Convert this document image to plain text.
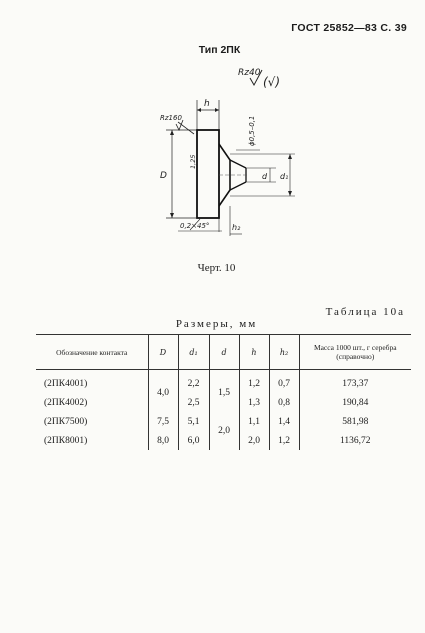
ГОСТ 25852—83 С. 39
Тип 2ПК
Rz40
(√)
Rz160
h
D
1,25
ϕ0,5–0,1
d d₁
0,2×45°	h₂
Черт. 10
Таблица 10а
Размеры, мм
Обозначение контакта	D	d₁	d	h	h₂	Масса 1000 шт., г серебра (справочно)
(2ПК4001)	4,0	2,2	1,5	1,2	0,7	173,37
(2ПК4002)		2,5		1,3	0,8	190,84
(2ПК7500)	7,5	5,1	2,0	1,1	1,4	581,98
(2ПК8001)	8,0	6,0		2,0	1,2	1136,72
